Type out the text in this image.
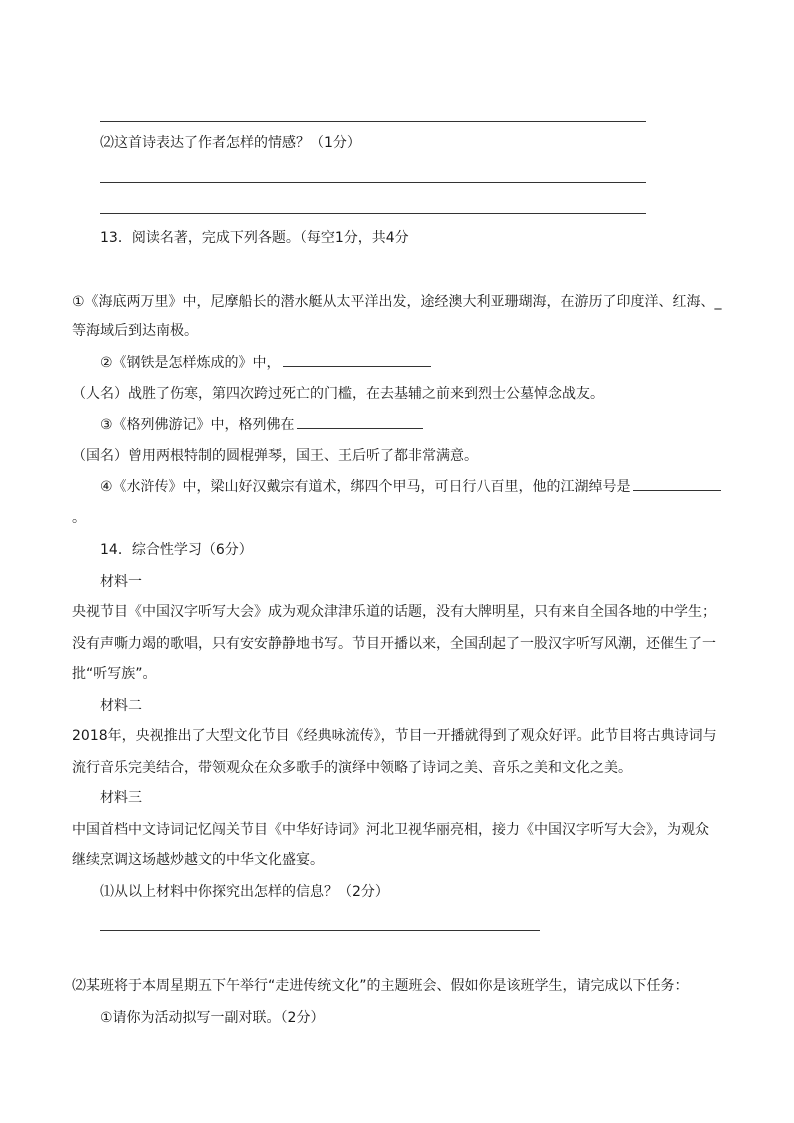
⑵这首诗表达了作者怎样的情感？（1分）
13．阅读名著，完成下列各题。（每空1分，共4分
①《海底两万里》中，尼摩船长的潜水艇从太平洋出发，途经澳大利亚珊瑚海，在游历了印度洋、红海、_
等海域后到达南极。
②《钢铁是怎样炼成的》中，
（人名）战胜了伤寒，第四次跨过死亡的门槛，在去基辅之前来到烈士公墓悼念战友。
③《格列佛游记》中，格列佛在
（国名）曾用两根特制的圆棍弹琴，国王、王后听了都非常满意。
④《水浒传》中，梁山好汉戴宗有道术，绑四个甲马，可日行八百里，他的江湖绰号是
。
14．综合性学习（6分）
材料一
央视节目《中国汉字听写大会》成为观众津津乐道的话题，没有大牌明星，只有来自全国各地的中学生；
没有声嘶力竭的歌唱，只有安安静静地书写。节目开播以来，全国刮起了一股汉字听写风潮，还催生了一
批“听写族”。
材料二
2018年，央视推出了大型文化节目《经典咏流传》，节目一开播就得到了观众好评。此节目将古典诗词与
流行音乐完美结合，带领观众在众多歌手的演绎中领略了诗词之美、音乐之美和文化之美。
材料三
中国首档中文诗词记忆闯关节目《中华好诗词》河北卫视华丽亮相，接力《中国汉字听写大会》，为观众
继续烹调这场越炒越文的中华文化盛宴。
⑴从以上材料中你探究出怎样的信息？（2分）
⑵某班将于本周星期五下午举行“走进传统文化”的主题班会、假如你是该班学生，请完成以下任务：
①请你为活动拟写一副对联。（2分）
